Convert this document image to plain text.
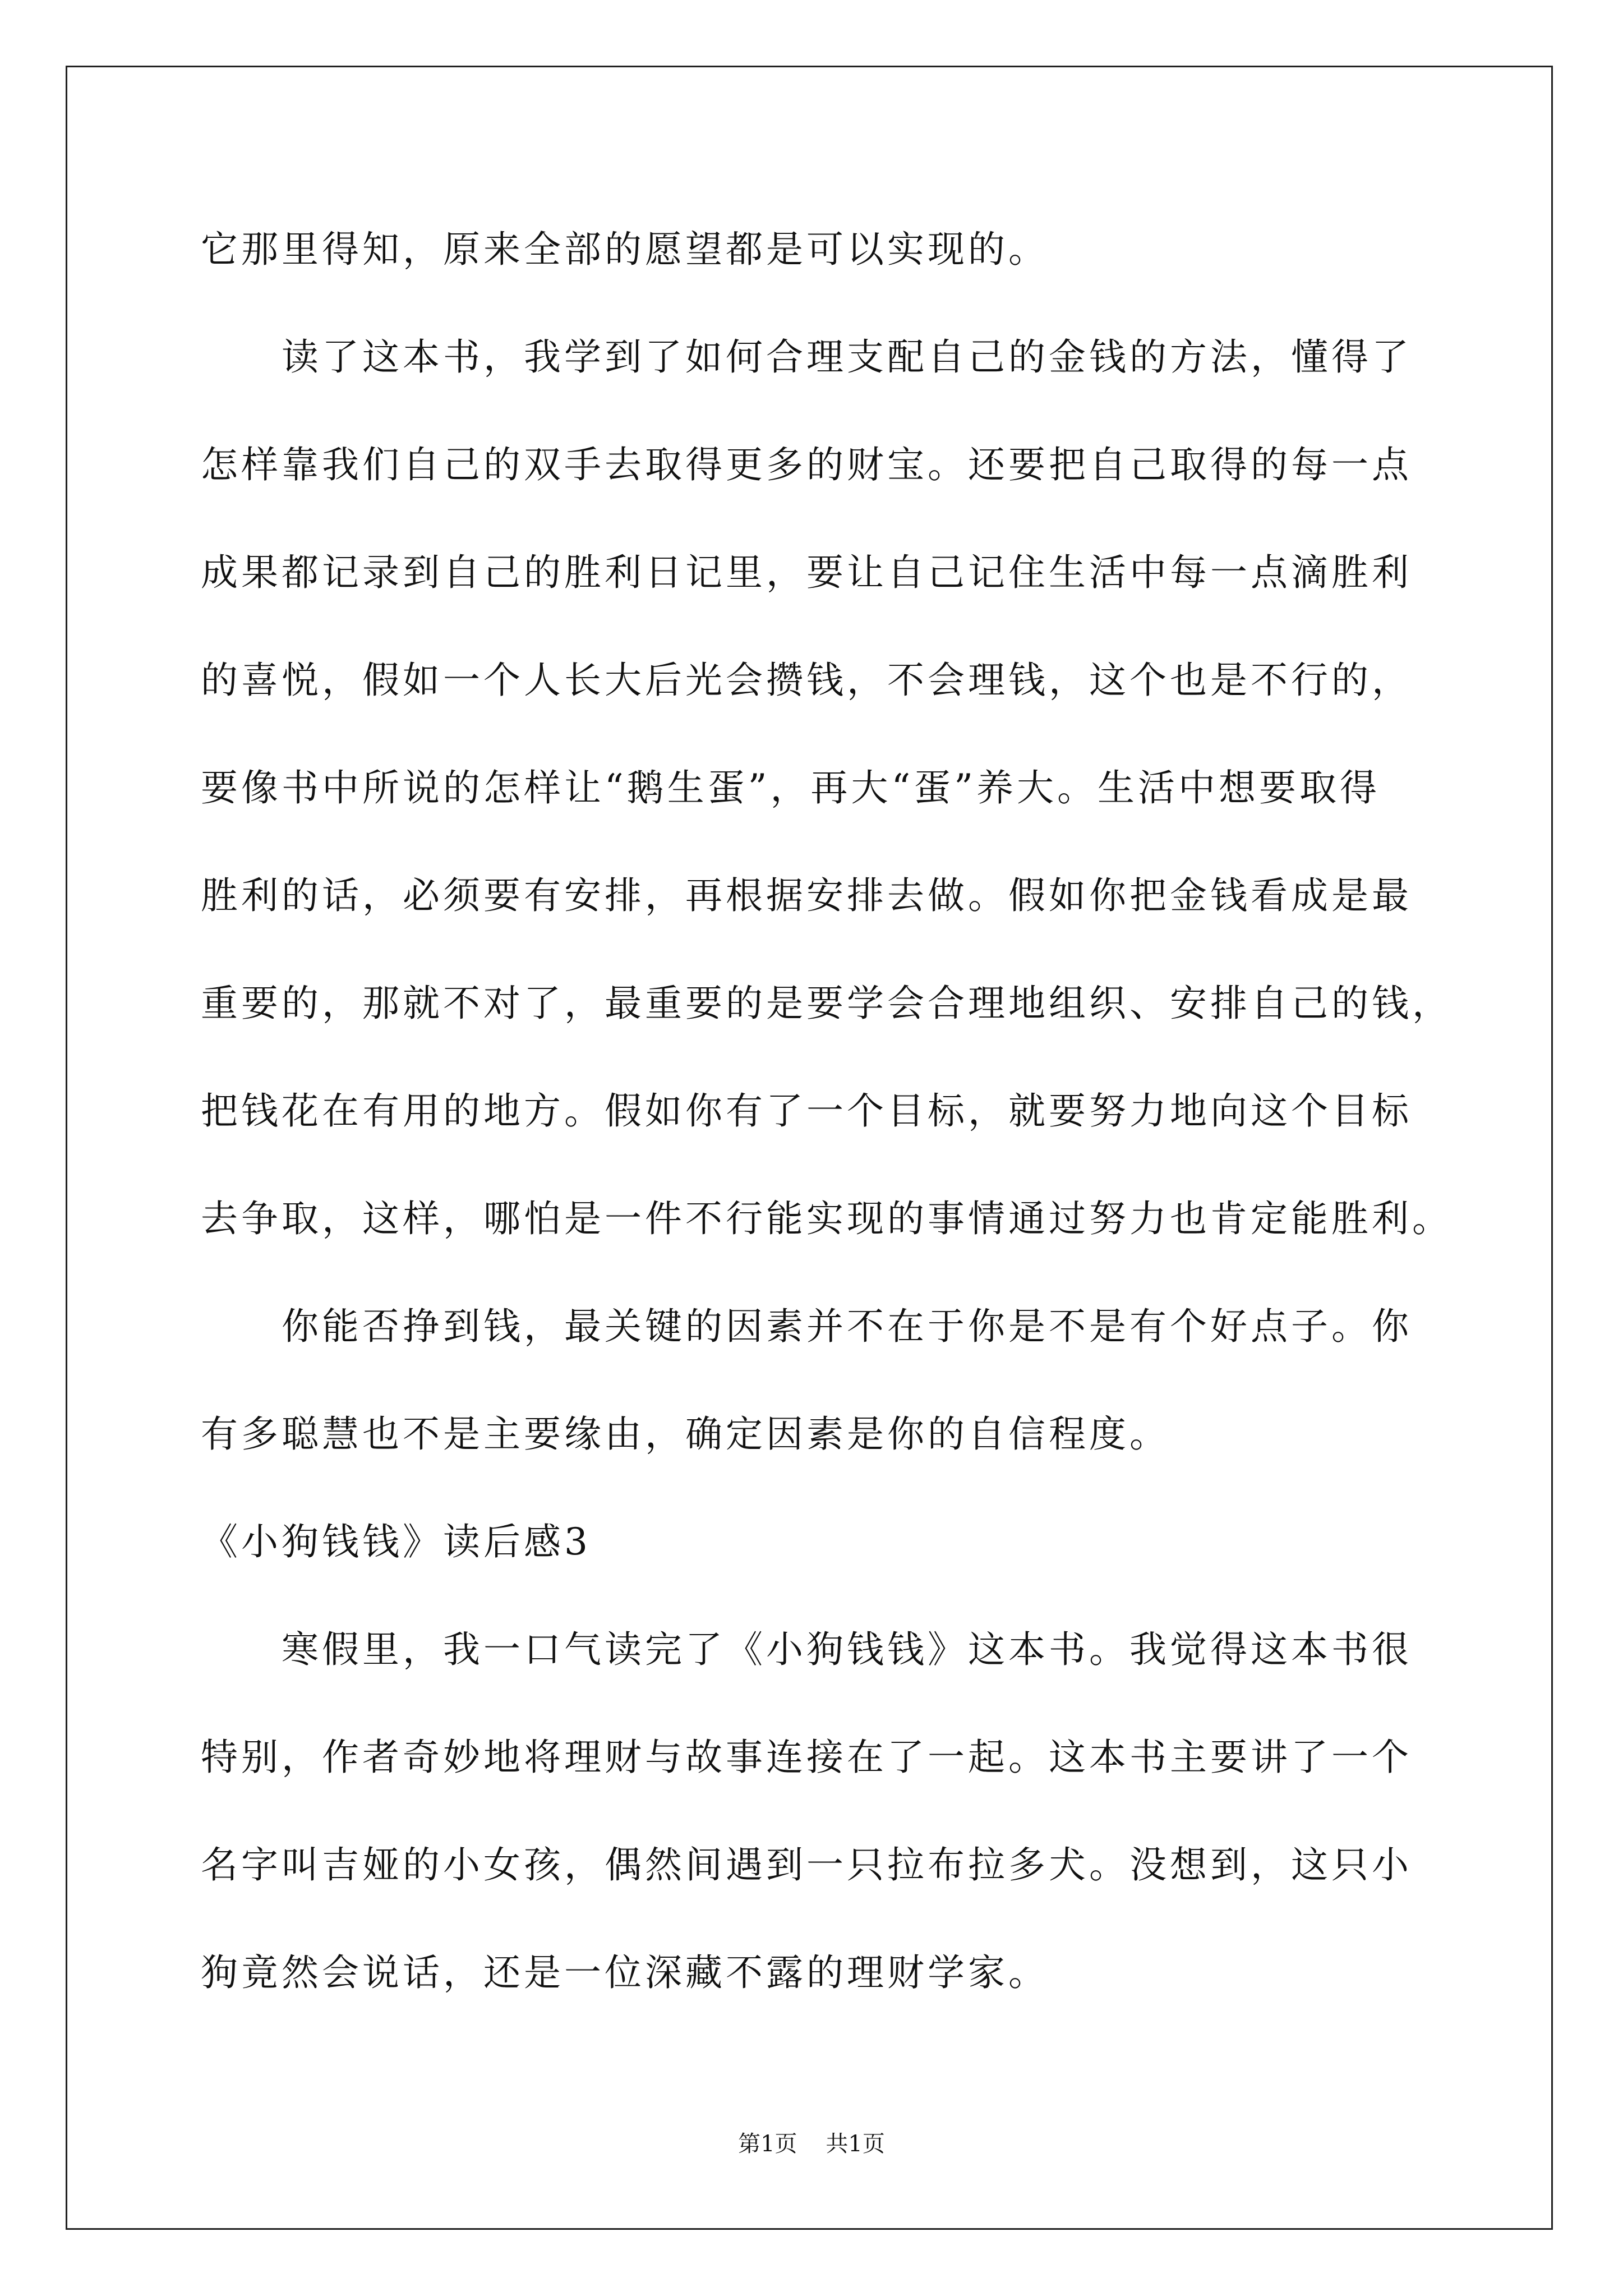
它那里得知，原来全部的愿望都是可以实现的。
　　读了这本书，我学到了如何合理支配自己的金钱的方法，懂得了
怎样靠我们自己的双手去取得更多的财宝。还要把自己取得的每一点
成果都记录到自己的胜利日记里，要让自己记住生活中每一点滴胜利
的喜悦，假如一个人长大后光会攒钱，不会理钱，这个也是不行的，
要像书中所说的怎样让“鹅生蛋”，再大“蛋”养大。生活中想要取得
胜利的话，必须要有安排，再根据安排去做。假如你把金钱看成是最
重要的，那就不对了，最重要的是要学会合理地组织、安排自己的钱，
把钱花在有用的地方。假如你有了一个目标，就要努力地向这个目标
去争取，这样，哪怕是一件不行能实现的事情通过努力也肯定能胜利。
　　你能否挣到钱，最关键的因素并不在于你是不是有个好点子。你
有多聪慧也不是主要缘由，确定因素是你的自信程度。
《小狗钱钱》读后感3
　　寒假里，我一口气读完了《小狗钱钱》这本书。我觉得这本书很
特别，作者奇妙地将理财与故事连接在了一起。这本书主要讲了一个
名字叫吉娅的小女孩，偶然间遇到一只拉布拉多犬。没想到，这只小
狗竟然会说话，还是一位深藏不露的理财学家。
第1页    共1页
